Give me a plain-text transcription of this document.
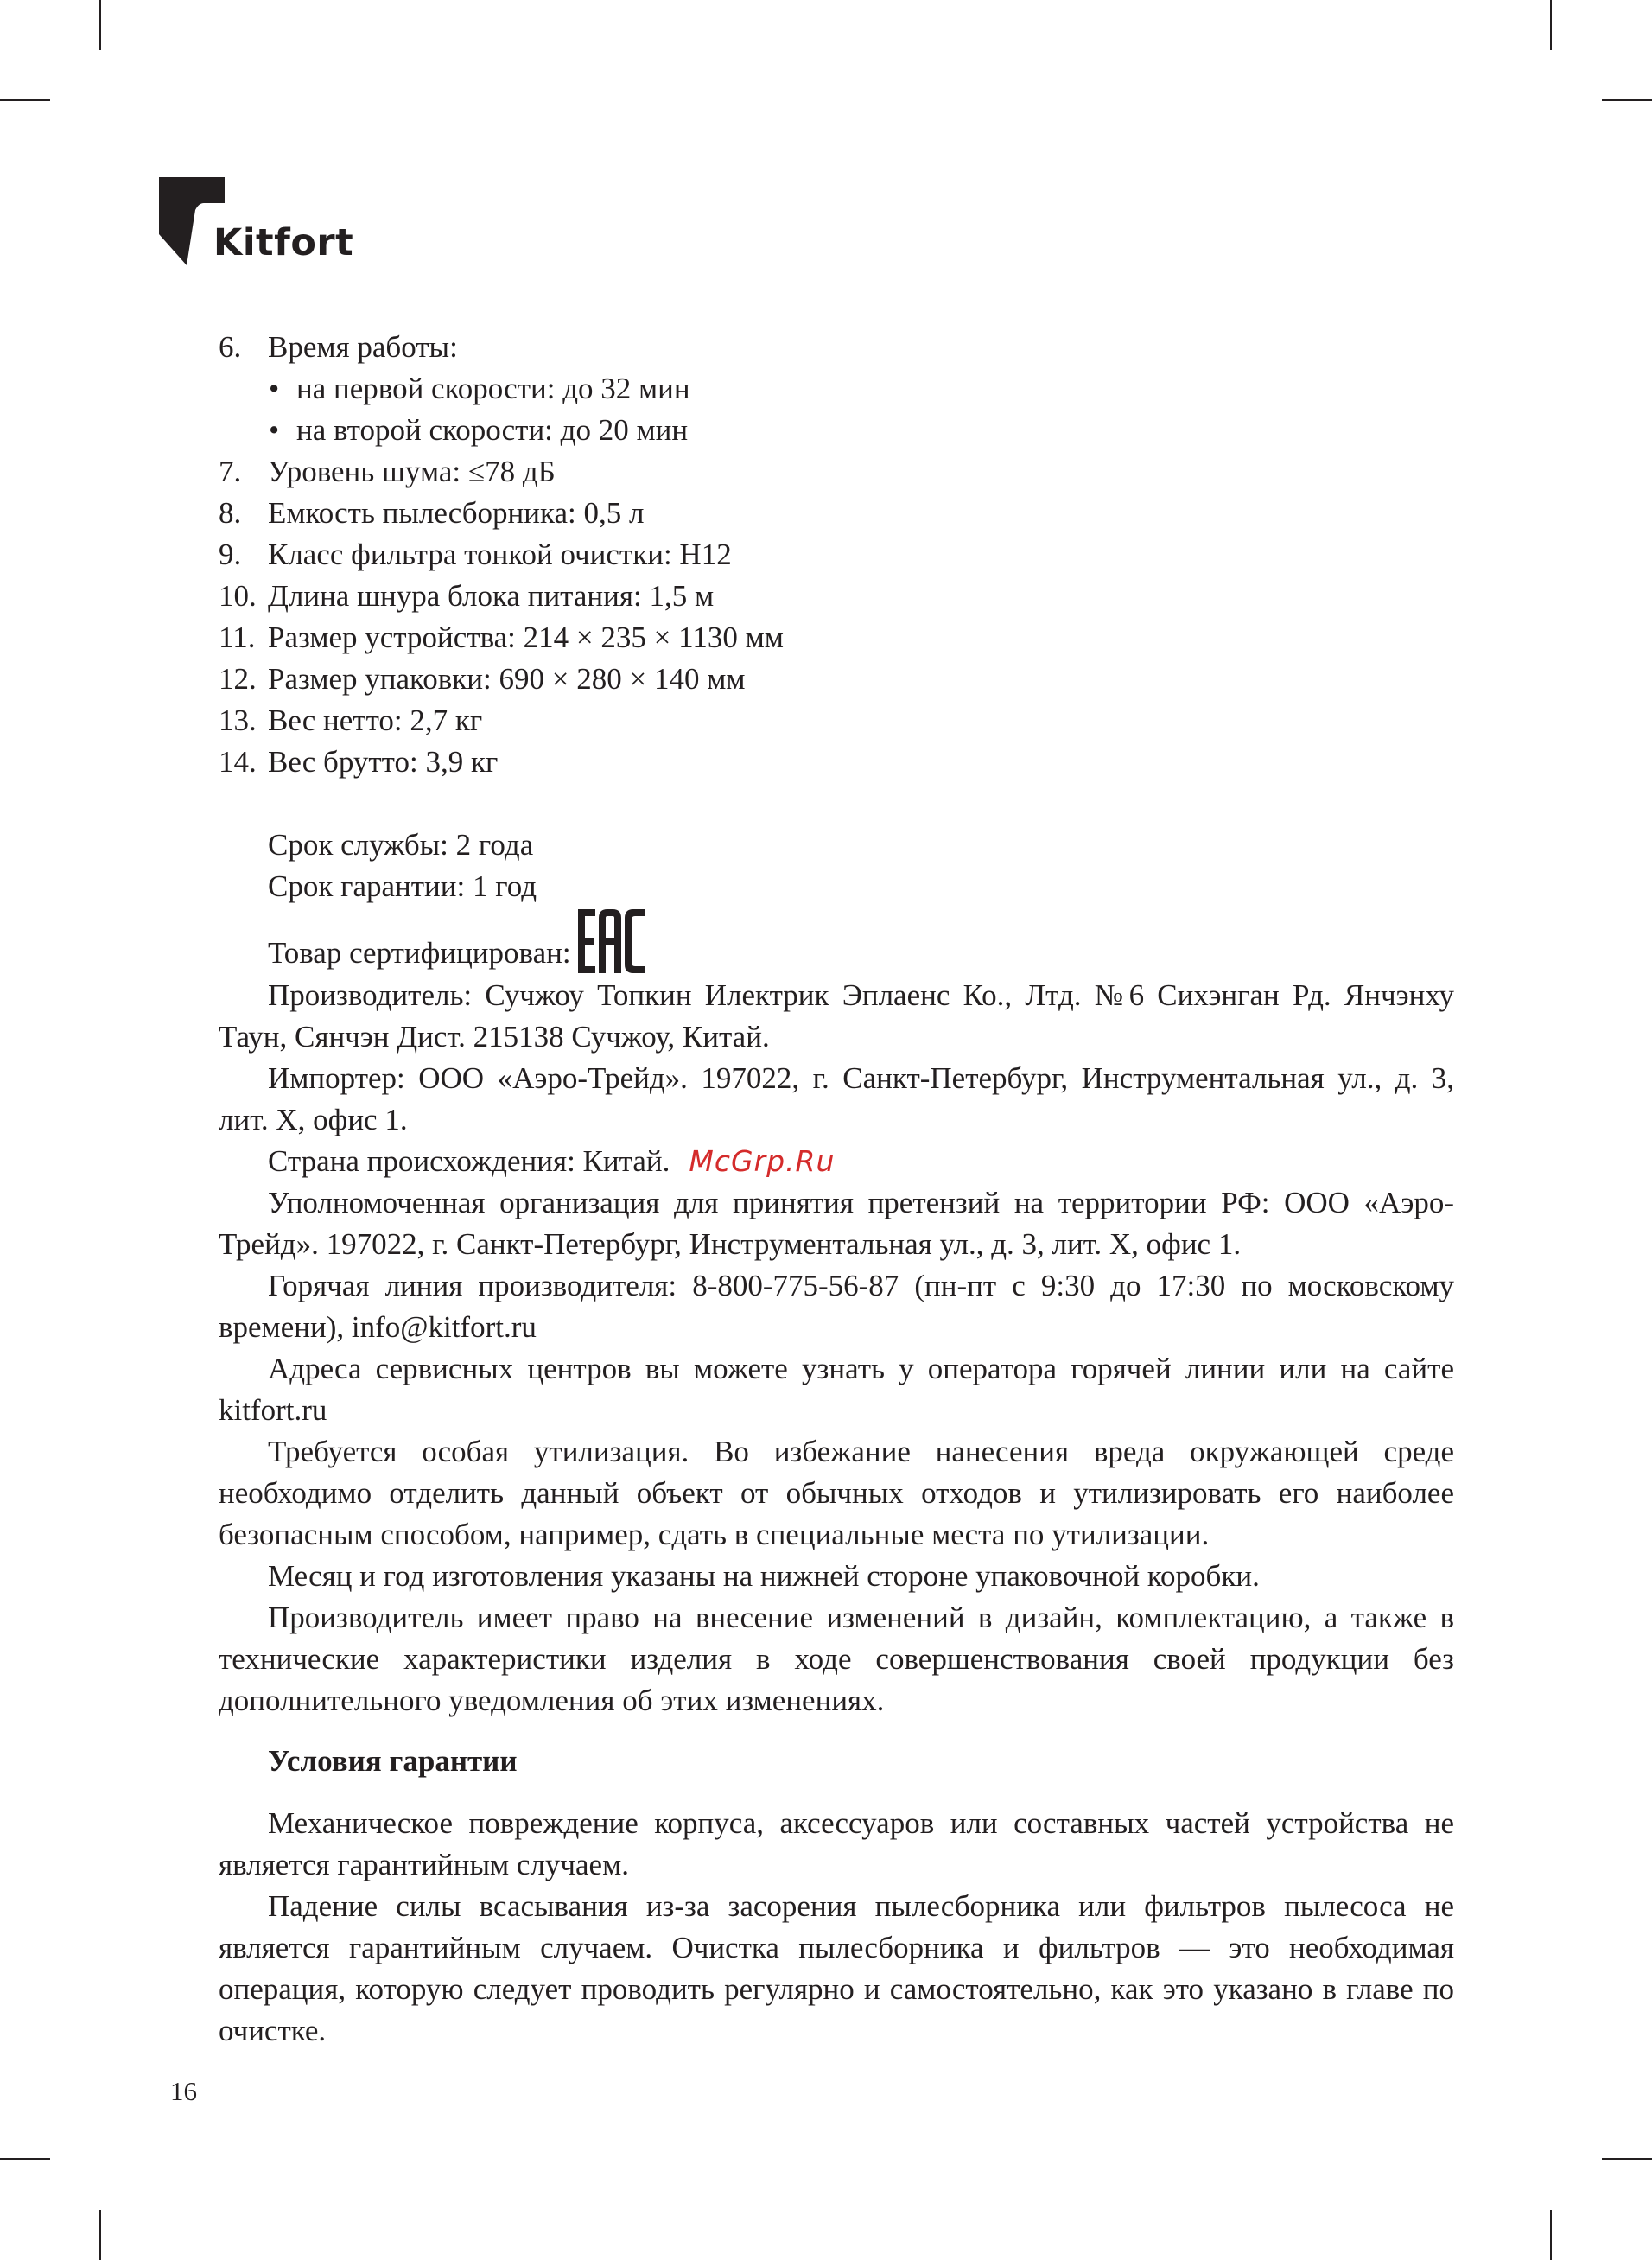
Kitfort
6. Время работы:
• на первой скорости: до 32 мин
• на второй скорости: до 20 мин
7. Уровень шума: ≤78 дБ
8. Емкость пылесборника: 0,5 л
9. Класс фильтра тонкой очистки: H12
10. Длина шнура блока питания: 1,5 м
11. Размер устройства: 214 × 235 × 1130 мм
12. Размер упаковки: 690 × 280 × 140 мм
13. Вес нетто: 2,7 кг
14. Вес брутто: 3,9 кг
Срок службы: 2 года
Срок гарантии: 1 год
Товар сертифицирован:

Производитель: Сучжоу Топкин Илектрик Эплаенс Ко., Лтд. №6 Сихэнган Рд. Янчэнху Таун, Сянчэн Дист. 215138 Сучжоу, Китай.

Импортер: ООО «Аэро-Трейд». 197022, г. Санкт-Петербург, Инструментальная ул., д. 3, лит. Х, офис 1.

Страна происхождения: Китай. McGrp.Ru

Уполномоченная организация для принятия претензий на территории РФ: ООО «Аэро-Трейд». 197022, г. Санкт-Петербург, Инструментальная ул., д. 3, лит. Х, офис 1.

Горячая линия производителя: 8-800-775-56-87 (пн-пт с 9:30 до 17:30 по московскому времени), info@kitfort.ru

Адреса сервисных центров вы можете узнать у оператора горячей линии или на сайте kitfort.ru

Требуется особая утилизация. Во избежание нанесения вреда окружающей среде необходимо отделить данный объект от обычных отходов и утилизировать его наиболее безопасным способом, например, сдать в специальные места по утилизации.

Месяц и год изготовления указаны на нижней стороне упаковочной коробки.

Производитель имеет право на внесение изменений в дизайн, комплектацию, а также в технические характеристики изделия в ходе совершенствования своей продукции без дополнительного уведомления об этих изменениях.

Условия гарантии

Механическое повреждение корпуса, аксессуаров или составных частей устройства не является гарантийным случаем.

Падение силы всасывания из-за засорения пылесборника или фильтров пылесоса не является гарантийным случаем. Очистка пылесборника и фильтров — это необходимая операция, которую следует проводить регулярно и самостоятельно, как это указано в главе по очистке.

16
